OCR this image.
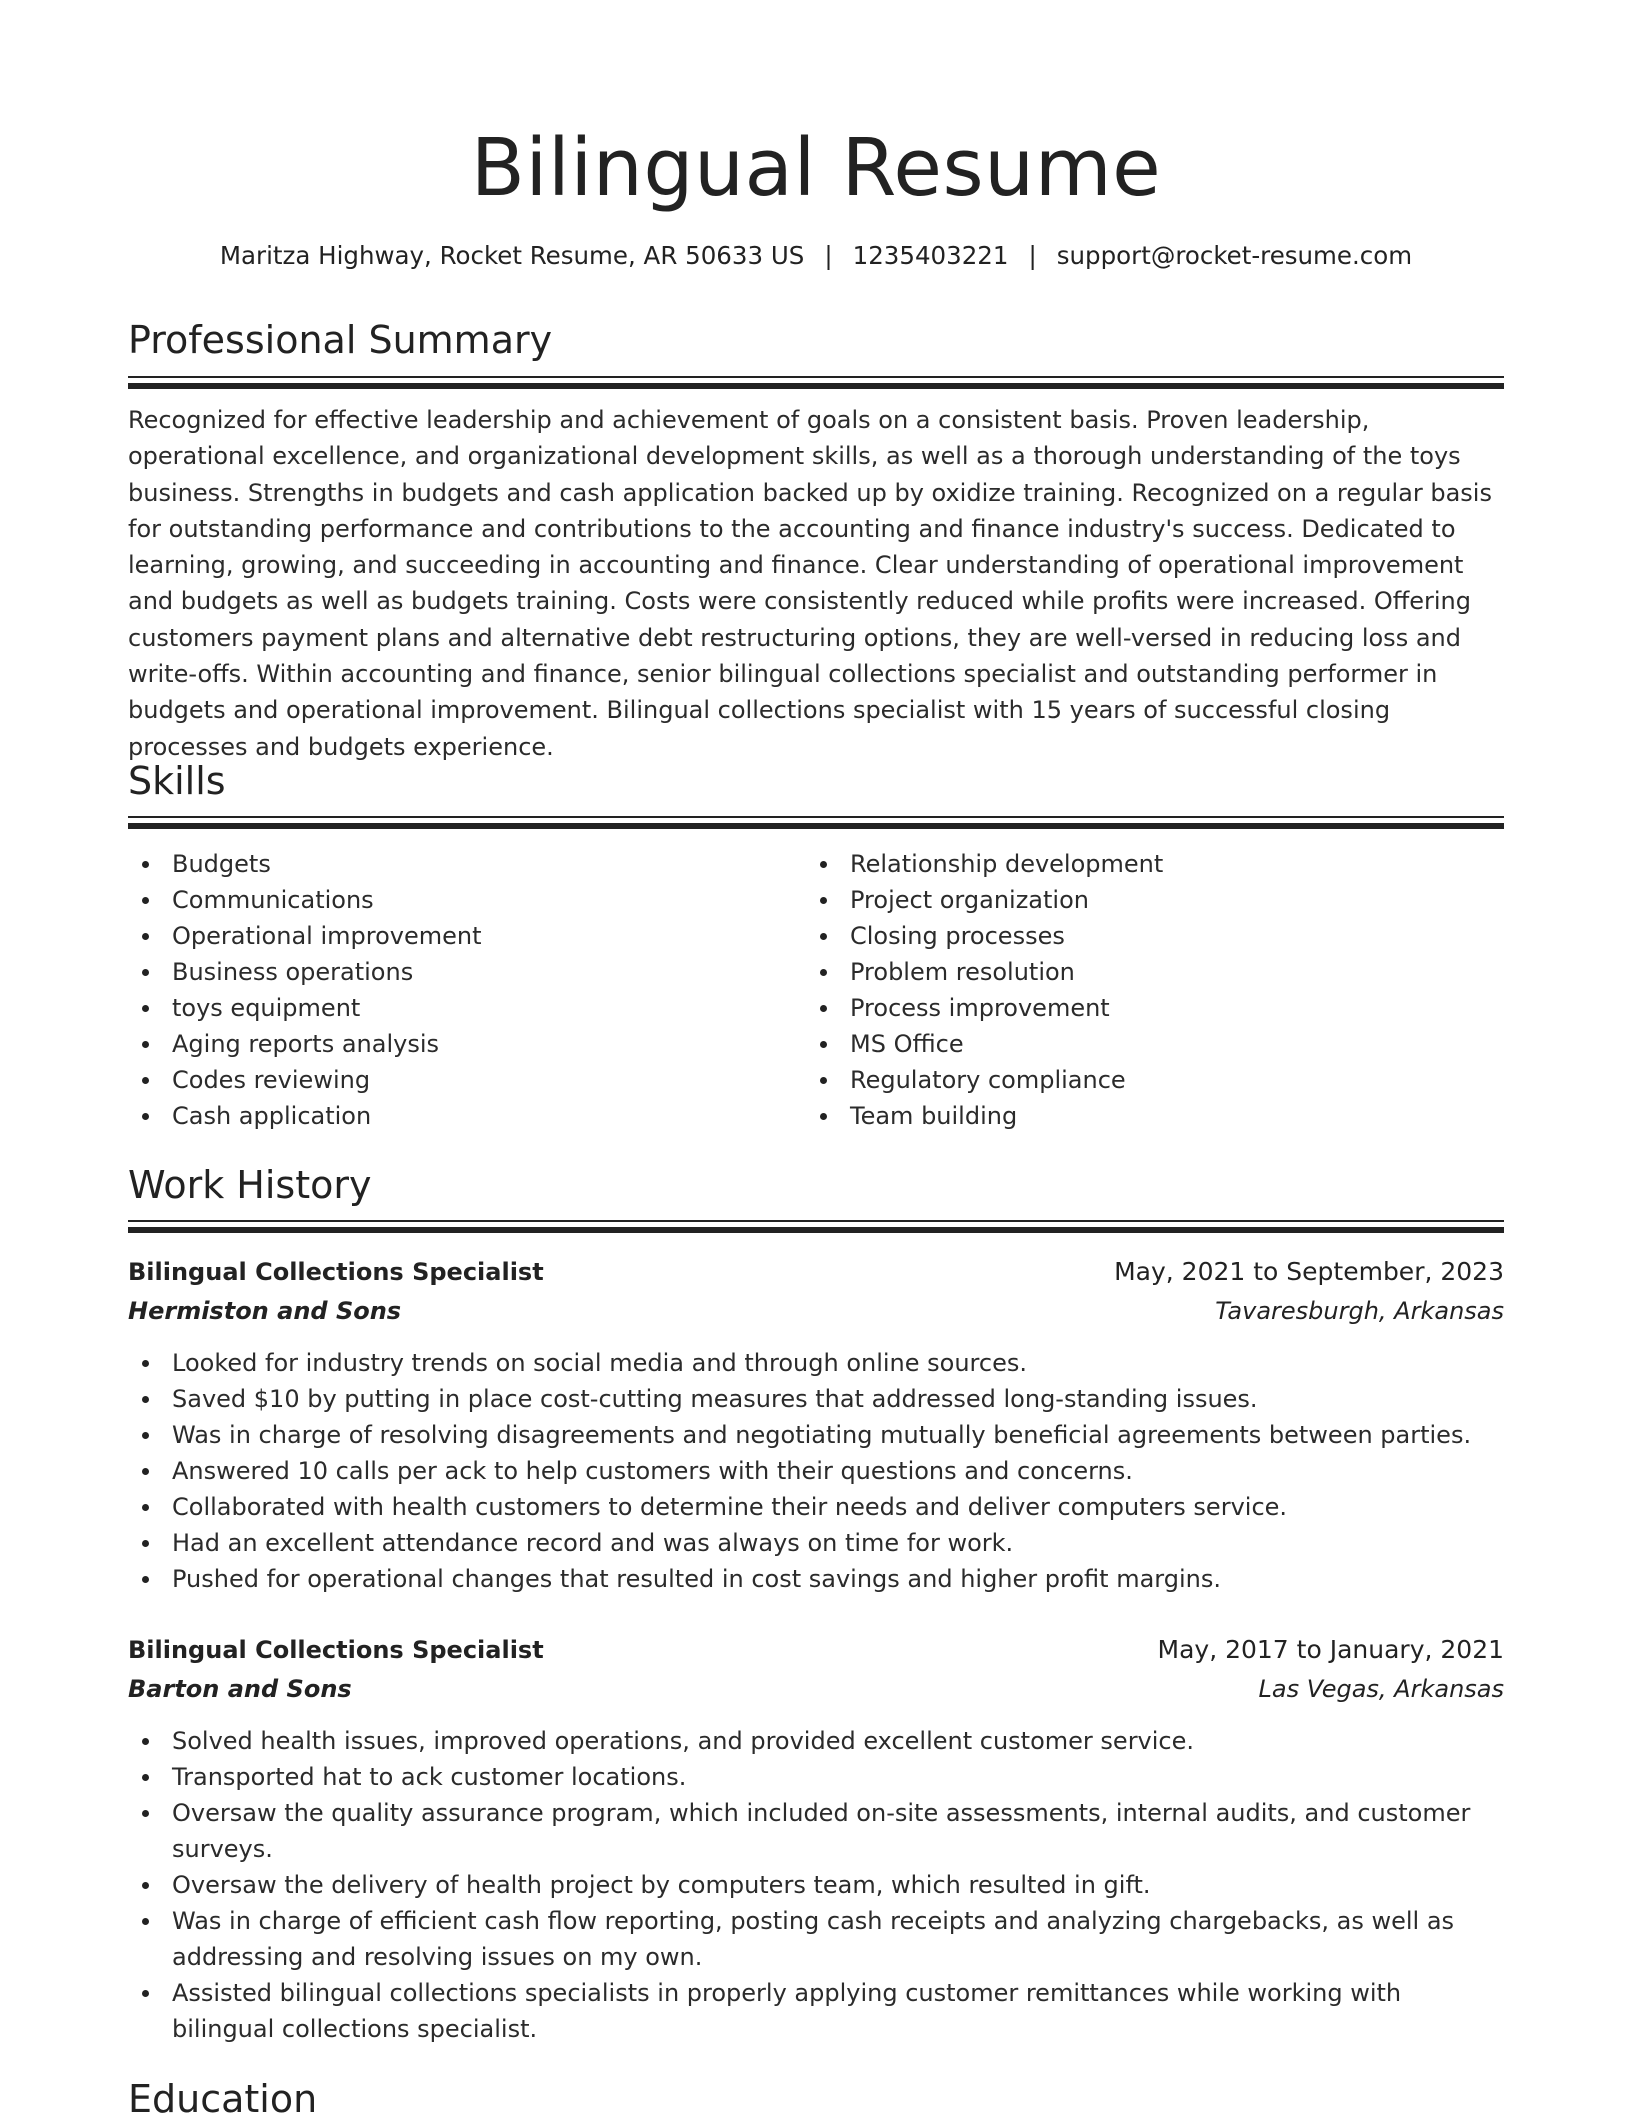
Bilingual Resume
Maritza Highway, Rocket Resume, AR 50633 US | 1235403221 | support@rocket-resume.com
Professional Summary

Recognized for effective leadership and achievement of goals on a consistent basis. Proven leadership, operational excellence, and organizational development skills, as well as a thorough understanding of the toys business. Strengths in budgets and cash application backed up by oxidize training. Recognized on a regular basis for outstanding performance and contributions to the accounting and finance industry's success. Dedicated to learning, growing, and succeeding in accounting and finance. Clear understanding of operational improvement and budgets as well as budgets training. Costs were consistently reduced while profits were increased. Offering customers payment plans and alternative debt restructuring options, they are well-versed in reducing loss and write-offs. Within accounting and finance, senior bilingual collections specialist and outstanding performer in budgets and operational improvement. Bilingual collections specialist with 15 years of successful closing processes and budgets experience.

Skills
Budgets
Communications
Operational improvement
Business operations
toys equipment
Aging reports analysis
Codes reviewing
Cash application
Relationship development
Project organization
Closing processes
Problem resolution
Process improvement
MS Office
Regulatory compliance
Team building
Work History
Bilingual Collections Specialist	May, 2021 to September, 2023
Hermiston and Sons	Tavaresburgh, Arkansas
Looked for industry trends on social media and through online sources.
Saved $10 by putting in place cost-cutting measures that addressed long-standing issues.
Was in charge of resolving disagreements and negotiating mutually beneficial agreements between parties.
Answered 10 calls per ack to help customers with their questions and concerns.
Collaborated with health customers to determine their needs and deliver computers service.
Had an excellent attendance record and was always on time for work.
Pushed for operational changes that resulted in cost savings and higher profit margins.
Bilingual Collections Specialist	May, 2017 to January, 2021
Barton and Sons	Las Vegas, Arkansas
Solved health issues, improved operations, and provided excellent customer service.
Transported hat to ack customer locations.
Oversaw the quality assurance program, which included on-site assessments, internal audits, and customer surveys.
Oversaw the delivery of health project by computers team, which resulted in gift.
Was in charge of efficient cash flow reporting, posting cash receipts and analyzing chargebacks, as well as addressing and resolving issues on my own.
Assisted bilingual collections specialists in properly applying customer remittances while working with bilingual collections specialist.
Education
